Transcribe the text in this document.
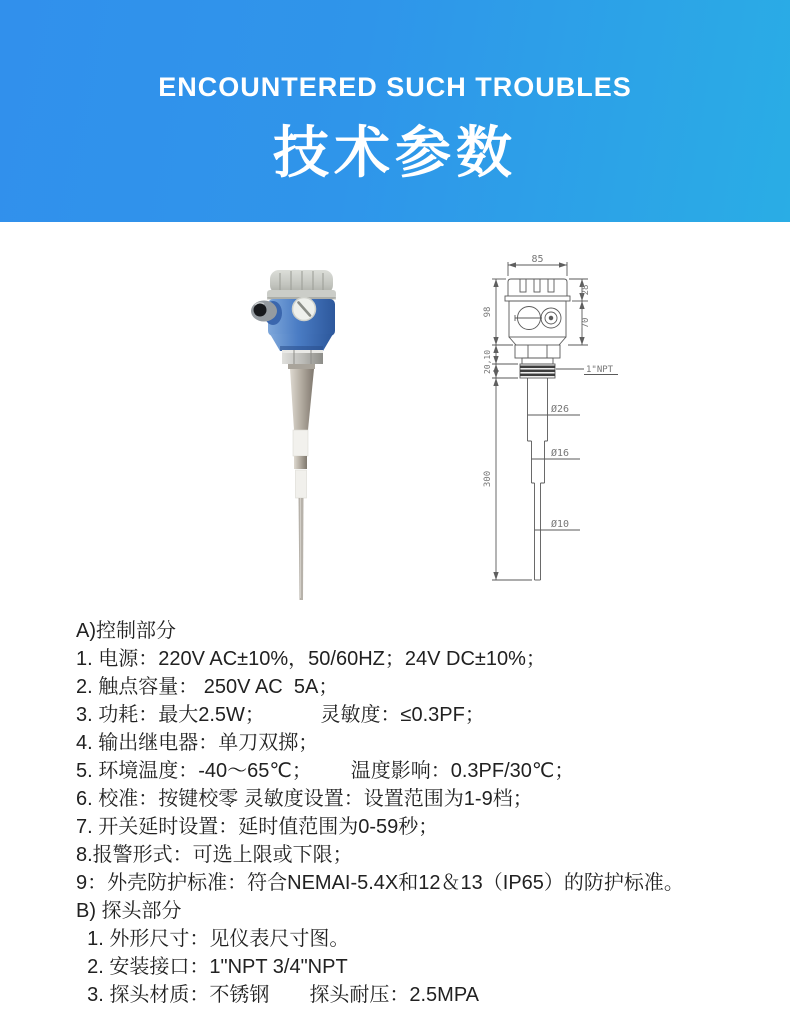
ENCOUNTERED SUCH TROUBLES
技术参数
85
28
70
98
20,10
300
1"NPT
Ø26
Ø16
Ø10
A)控制部分
1. 电源：220V AC±10%，50/60HZ；24V DC±10%；
2. 触点容量： 250V AC  5A；
3. 功耗：最大2.5W；          灵敏度：≤0.3PF；
4. 输出继电器：单刀双掷；
5. 环境温度：-40～65℃；       温度影响：0.3PF/30℃；
6. 校准：按键校零 灵敏度设置：设置范围为1-9档；
7. 开关延时设置：延时值范围为0-59秒；
8.报警形式：可选上限或下限；
9：外壳防护标准：符合NEMAI-5.4X和12＆13（IP65）的防护标准。
B) 探头部分
1. 外形尺寸：见仪表尺寸图。
2. 安装接口：1"NPT 3/4"NPT
3. 探头材质：不锈钢　　探头耐压：2.5MPA
